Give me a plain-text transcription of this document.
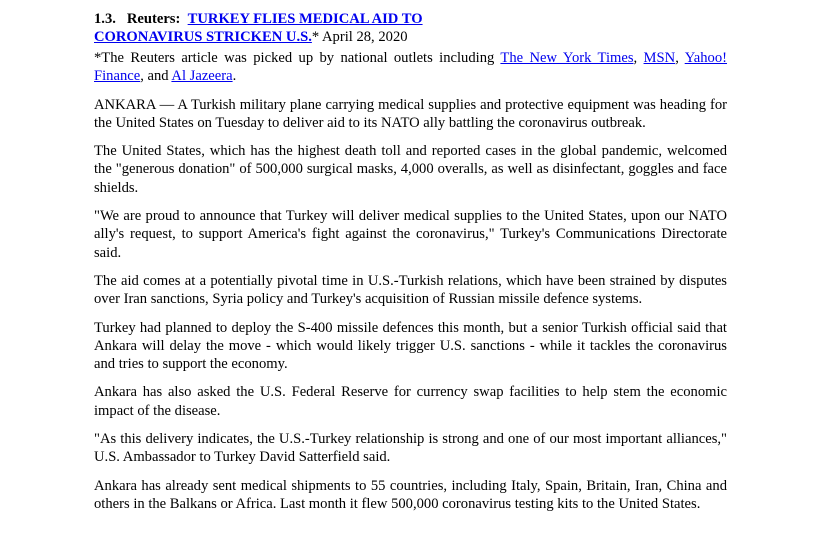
1.3. Reuters: TURKEY FLIES MEDICAL AID TO
CORONAVIRUS STRICKEN U.S.* April 28, 2020

*The Reuters article was picked up by national outlets including The New York Times, MSN, Yahoo! Finance, and Al Jazeera.

ANKARA — A Turkish military plane carrying medical supplies and protective equipment was heading for the United States on Tuesday to deliver aid to its NATO ally battling the coronavirus outbreak.

The United States, which has the highest death toll and reported cases in the global pandemic, welcomed the "generous donation" of 500,000 surgical masks, 4,000 overalls, as well as disinfectant, goggles and face shields.

"We are proud to announce that Turkey will deliver medical supplies to the United States, upon our NATO ally's request, to support America's fight against the coronavirus," Turkey's Communications Directorate said.

The aid comes at a potentially pivotal time in U.S.-Turkish relations, which have been strained by disputes over Iran sanctions, Syria policy and Turkey's acquisition of Russian missile defence systems.

Turkey had planned to deploy the S-400 missile defences this month, but a senior Turkish official said that Ankara will delay the move - which would likely trigger U.S. sanctions - while it tackles the coronavirus and tries to support the economy.

Ankara has also asked the U.S. Federal Reserve for currency swap facilities to help stem the economic impact of the disease.

"As this delivery indicates, the U.S.-Turkey relationship is strong and one of our most important alliances," U.S. Ambassador to Turkey David Satterfield said.

Ankara has already sent medical shipments to 55 countries, including Italy, Spain, Britain, Iran, China and others in the Balkans or Africa. Last month it flew 500,000 coronavirus testing kits to the United States.
